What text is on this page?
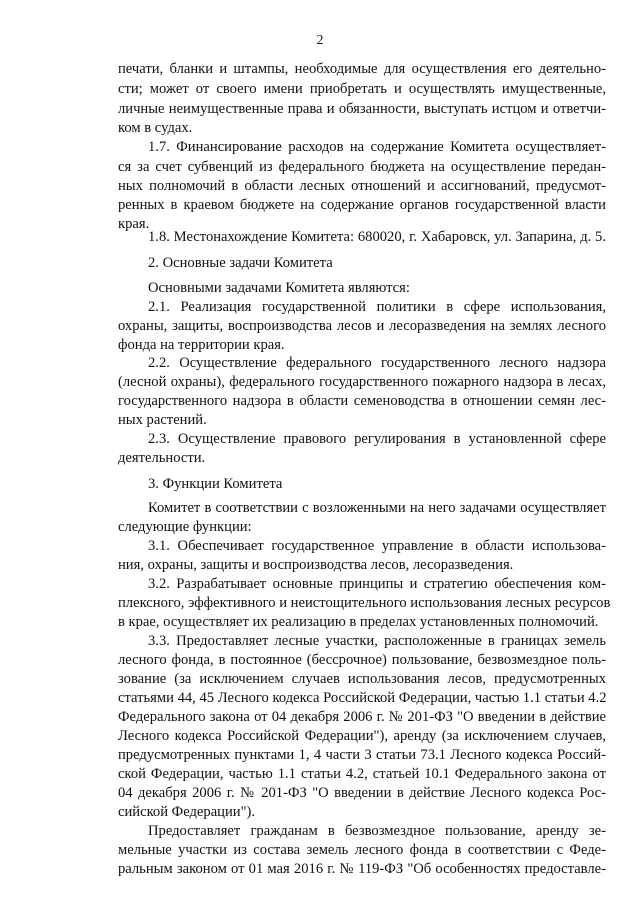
2
печати, бланки и штампы, необходимые для осуществления его деятельно-
сти; может от своего имени приобретать и осуществлять имущественные,
личные неимущественные права и обязанности, выступать истцом и ответчи-
ком в судах.
1.7. Финансирование расходов на содержание Комитета осуществляет-
ся за счет субвенций из федерального бюджета на осуществление передан-
ных полномочий в области лесных отношений и ассигнований, предусмот-
ренных в краевом бюджете на содержание органов государственной власти
края.
1.8. Местонахождение Комитета: 680020, г. Хабаровск, ул. Запарина, д. 5.
2. Основные задачи Комитета
Основными задачами Комитета являются:
2.1. Реализация государственной политики в сфере использования,
охраны, защиты, воспроизводства лесов и лесоразведения на землях лесного
фонда на территории края.
2.2. Осуществление федерального государственного лесного надзора
(лесной охраны), федерального государственного пожарного надзора в лесах,
государственного надзора в области семеноводства в отношении семян лес-
ных растений.
2.3. Осуществление правового регулирования в установленной сфере
деятельности.
3. Функции Комитета
Комитет в соответствии с возложенными на него задачами осуществляет
следующие функции:
3.1. Обеспечивает государственное управление в области использова-
ния, охраны, защиты и воспроизводства лесов, лесоразведения.
3.2. Разрабатывает основные принципы и стратегию обеспечения ком-
плексного, эффективного и неистощительного использования лесных ресурсов
в крае, осуществляет их реализацию в пределах установленных полномочий.
3.3. Предоставляет лесные участки, расположенные в границах земель
лесного фонда, в постоянное (бессрочное) пользование, безвозмездное поль-
зование (за исключением случаев использования лесов, предусмотренных
статьями 44, 45 Лесного кодекса Российской Федерации, частью 1.1 статьи 4.2
Федерального закона от 04 декабря 2006 г. № 201-ФЗ "О введении в действие
Лесного кодекса Российской Федерации"), аренду (за исключением случаев,
предусмотренных пунктами 1, 4 части 3 статьи 73.1 Лесного кодекса Россий-
ской Федерации, частью 1.1 статьи 4.2, статьей 10.1 Федерального закона от
04 декабря 2006 г. № 201-ФЗ "О введении в действие Лесного кодекса Рос-
сийской Федерации").
Предоставляет гражданам в безвозмездное пользование, аренду зе-
мельные участки из состава земель лесного фонда в соответствии с Феде-
ральным законом от 01 мая 2016 г. № 119-ФЗ "Об особенностях предоставле-
